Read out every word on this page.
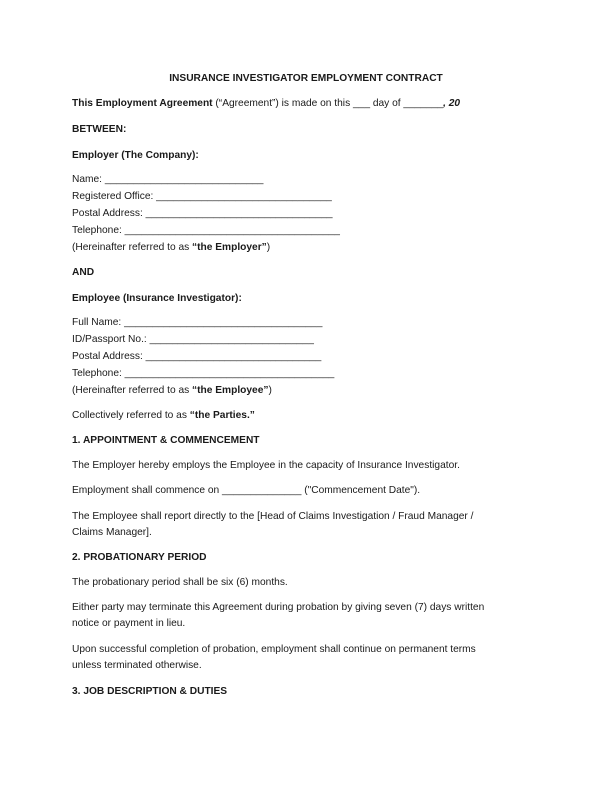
INSURANCE INVESTIGATOR EMPLOYMENT CONTRACT
This Employment Agreement (“Agreement”) is made on this ___ day of _______, 20
BETWEEN:
Employer (The Company):
Name: ____________________________
Registered Office: _______________________________
Postal Address: _________________________________
Telephone: ______________________________________
(Hereinafter referred to as “the Employer”)
AND
Employee (Insurance Investigator):
Full Name: ___________________________________
ID/Passport No.: _____________________________
Postal Address: _______________________________
Telephone: _____________________________________
(Hereinafter referred to as “the Employee”)
Collectively referred to as “the Parties.”
1. APPOINTMENT & COMMENCEMENT
The Employer hereby employs the Employee in the capacity of Insurance Investigator.
Employment shall commence on ______________ ("Commencement Date").
The Employee shall report directly to the [Head of Claims Investigation / Fraud Manager /
Claims Manager].
2. PROBATIONARY PERIOD
The probationary period shall be six (6) months.
Either party may terminate this Agreement during probation by giving seven (7) days written
notice or payment in lieu.
Upon successful completion of probation, employment shall continue on permanent terms
unless terminated otherwise.
3. JOB DESCRIPTION & DUTIES
